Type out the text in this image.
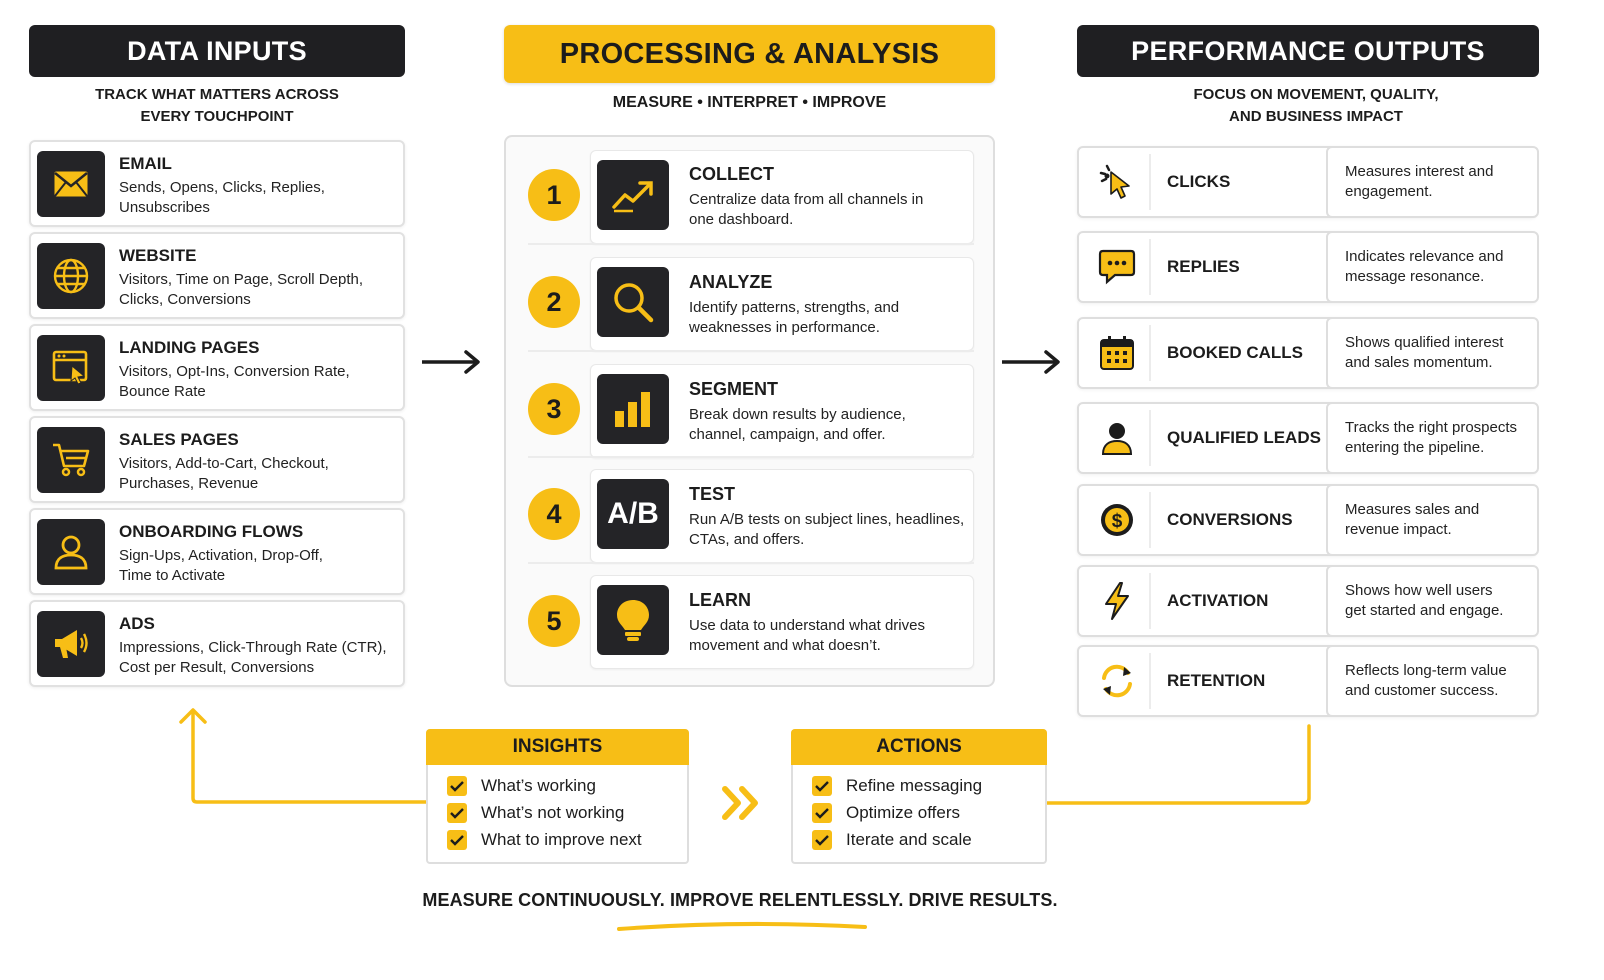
DATA INPUTS
TRACK WHAT MATTERS ACROSS
EVERY TOUCHPOINT
PROCESSING & ANALYSIS
MEASURE • INTERPRET • IMPROVE
PERFORMANCE OUTPUTS
FOCUS ON MOVEMENT, QUALITY,
AND BUSINESS IMPACT
EMAIL
Sends, Opens, Clicks, Replies,
Unsubscribes
WEBSITE
Visitors, Time on Page, Scroll Depth,
Clicks, Conversions
LANDING PAGES
Visitors, Opt-Ins, Conversion Rate,
Bounce Rate
SALES PAGES
Visitors, Add-to-Cart, Checkout,
Purchases, Revenue
ONBOARDING FLOWS
Sign-Ups, Activation, Drop-Off,
Time to Activate
ADS
Impressions, Click-Through Rate (CTR),
Cost per Result, Conversions
1
COLLECT
Centralize data from all channels in
one dashboard.
2
ANALYZE
Identify patterns, strengths, and
weaknesses in performance.
3
SEGMENT
Break down results by audience,
channel, campaign, and offer.
4	A/B
TEST
Run A/B tests on subject lines, headlines,
CTAs, and offers.
5
LEARN
Use data to understand what drives
movement and what doesn’t.
CLICKS
Measures interest and
engagement.
REPLIES
Indicates relevance and
message resonance.
BOOKED CALLS
Shows qualified interest
and sales momentum.
QUALIFIED LEADS
Tracks the right prospects
entering the pipeline.
$	CONVERSIONS
Measures sales and
revenue impact.
ACTIVATION
Shows how well users
get started and engage.
RETENTION
Reflects long-term value
and customer success.
INSIGHTS
What’s working
What’s not working
What to improve next
ACTIONS
Refine messaging
Optimize offers
Iterate and scale
MEASURE CONTINUOUSLY. IMPROVE RELENTLESSLY. DRIVE RESULTS.
